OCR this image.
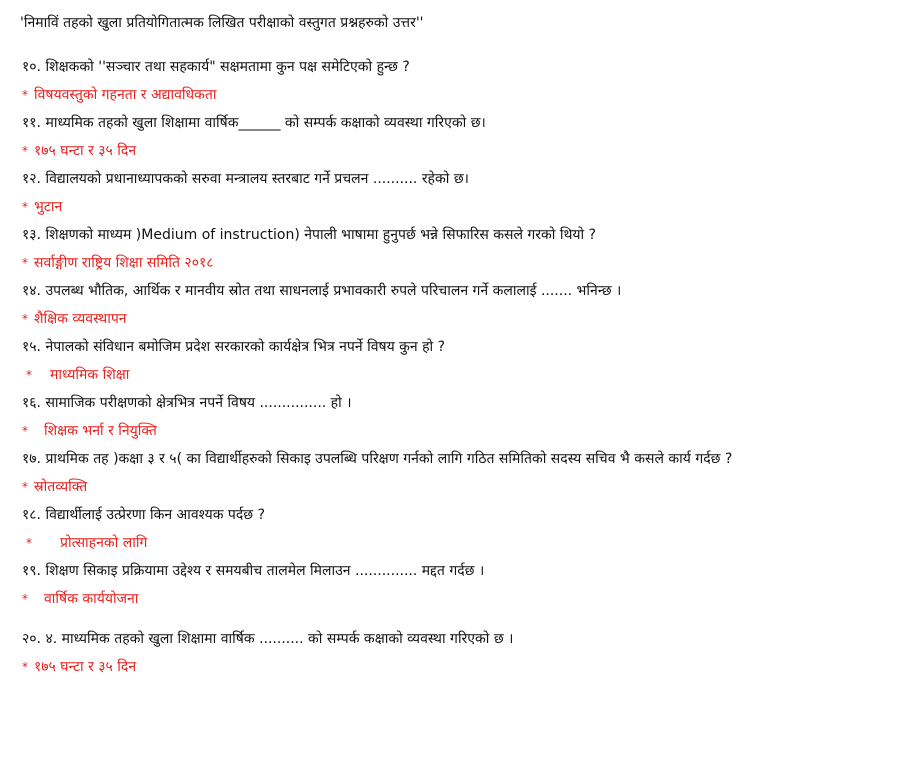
'निमाविं तहको खुला प्रतियोगितात्मक लिखित परीक्षाको वस्तुगत प्रश्नहरुको उत्तर''
१०. शिक्षकको ''सञ्चार तथा सहकार्य" सक्षमतामा कुन पक्ष समेटिएको हुन्छ ?
* विषयवस्तुको गहनता र अद्यावधिकता
११. माध्यमिक तहको खुला शिक्षामा वार्षिक______ को सम्पर्क कक्षाको व्यवस्था गरिएको छ।
* १७५ घन्टा र ३५ दिन
१२. विद्यालयको प्रधानाध्यापकको सरुवा मन्त्रालय स्तरबाट गर्ने प्रचलन .......... रहेको छ।
* भुटान
१३. शिक्षणको माध्यम )Medium of instruction) नेपाली भाषामा हुनुपर्छ भन्ने सिफारिस कसले गरको थियो ?
* सर्वाङ्गीण राष्ट्रिय शिक्षा समिति २०१८
१४. उपलब्ध भौतिक, आर्थिक र मानवीय स्रोत तथा साधनलाई प्रभावकारी रुपले परिचालन गर्ने कलालाई ....... भनिन्छ ।
* शैक्षिक व्यवस्थापन
१५. नेपालको संविधान बमोजिम प्रदेश सरकारको कार्यक्षेत्र भित्र नपर्ने विषय कुन हो ?
* माध्यमिक शिक्षा
१६. सामाजिक परीक्षणको क्षेत्रभित्र नपर्ने विषय ............... हो ।
* शिक्षक भर्ना र नियुक्ति
१७. प्राथमिक तह )कक्षा ३ र ५( का विद्यार्थीहरुको सिकाइ उपलब्धि परिक्षण गर्नको लागि गठित समितिको सदस्य सचिव भै कसले कार्य गर्दछ ?
* स्रोतव्यक्ति
१८. विद्यार्थीलाई उत्प्रेरणा किन आवश्यक पर्दछ ?
* प्रोत्साहनको लागि
१९. शिक्षण सिकाइ प्रक्रियामा उद्देश्य र समयबीच तालमेल मिलाउन .............. मद्दत गर्दछ ।
* वार्षिक कार्ययोजना
२०. ४. माध्यमिक तहको खुला शिक्षामा वार्षिक .......... को सम्पर्क कक्षाको व्यवस्था गरिएको छ ।
* १७५ घन्टा र ३५ दिन
